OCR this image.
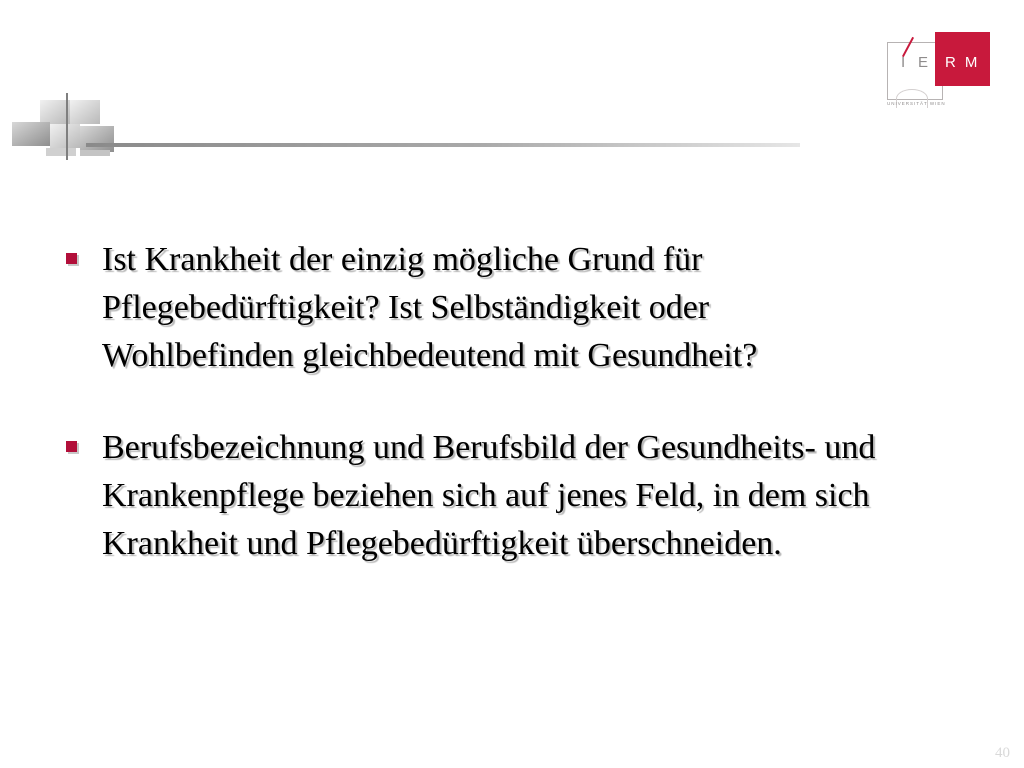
I E RM
UNIVERSITÄT WIEN
Ist Krankheit der einzig mögliche Grund für Pflegebedürftigkeit? Ist Selbständigkeit oder Wohlbefinden gleichbedeutend mit Gesundheit?
Berufsbezeichnung und Berufsbild der Gesundheits- und Krankenpflege beziehen sich auf jenes Feld, in dem sich Krankheit und Pflegebedürftigkeit überschneiden.
40
